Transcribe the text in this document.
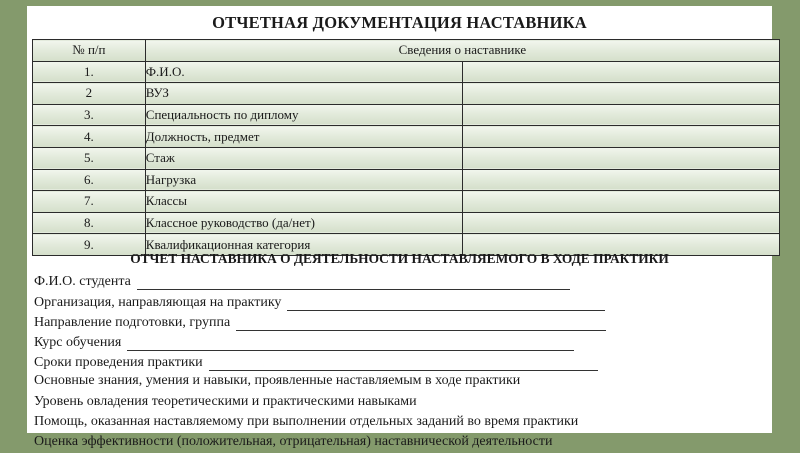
ОТЧЕТНАЯ ДОКУМЕНТАЦИЯ НАСТАВНИКА
№ п/п	Сведения о наставнике	
1.	Ф.И.О.	
2	ВУЗ	
3.	Специальность по диплому	
4.	Должность, предмет	
5.	Стаж	
6.	Нагрузка	
7.	Классы	
8.	Классное руководство (да/нет)	
9.	Квалификационная категория	
ОТЧЕТ НАСТАВНИКА О ДЕЯТЕЛЬНОСТИ НАСТАВЛЯЕМОГО В ХОДЕ ПРАКТИКИ
Ф.И.О. студента
Организация, направляющая на практику
Направление подготовки, группа
Курс обучения
Сроки проведения практики
Основные знания, умения и навыки, проявленные наставляемым в ходе практики
Уровень овладения теоретическими и практическими навыками
Помощь, оказанная наставляемому при выполнении отдельных заданий во время практики
Оценка эффективности (положительная, отрицательная) наставнической деятельности
